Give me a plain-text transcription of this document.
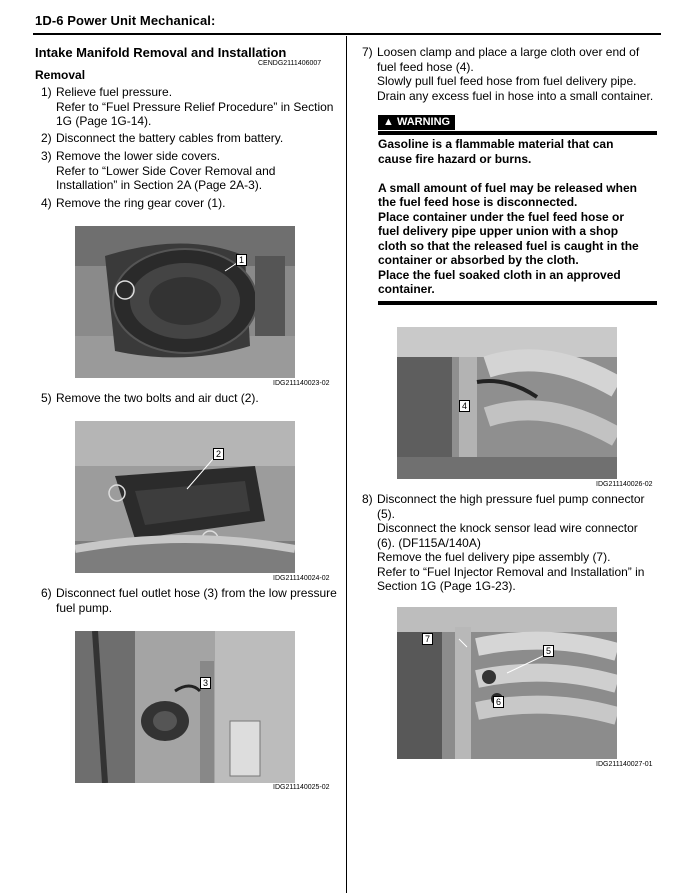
1D-6 Power Unit Mechanical:
Intake Manifold Removal and Installation
CENDG2111406007
Removal
1) Relieve fuel pressure.
Refer to “Fuel Pressure Relief Procedure” in Section
1G (Page 1G-14).
2) Disconnect the battery cables from battery.
3) Remove the lower side covers.
Refer to “Lower Side Cover Removal and
Installation” in Section 2A (Page 2A-3).
4) Remove the ring gear cover (1).
1
IDG211140023-02
5) Remove the two bolts and air duct (2).
2
IDG211140024-02
6) Disconnect fuel outlet hose (3) from the low pressure
fuel pump.
3
IDG211140025-02
7) Loosen clamp and place a large cloth over end of
fuel feed hose (4).
Slowly pull fuel feed hose from fuel delivery pipe.
Drain any excess fuel in hose into a small container.
▲ WARNING
Gasoline is a flammable material that can
cause fire hazard or burns.
A small amount of fuel may be released when
the fuel feed hose is disconnected.
Place container under the fuel feed hose or
fuel delivery pipe upper union with a shop
cloth so that the released fuel is caught in the
container or absorbed by the cloth.
Place the fuel soaked cloth in an approved
container.
4
IDG211140026-02
8) Disconnect the high pressure fuel pump connector
(5).
Disconnect the knock sensor lead wire connector
(6). (DF115A/140A)
Remove the fuel delivery pipe assembly (7).
Refer to “Fuel Injector Removal and Installation” in
Section 1G (Page 1G-23).
7
5
6
IDG211140027-01
